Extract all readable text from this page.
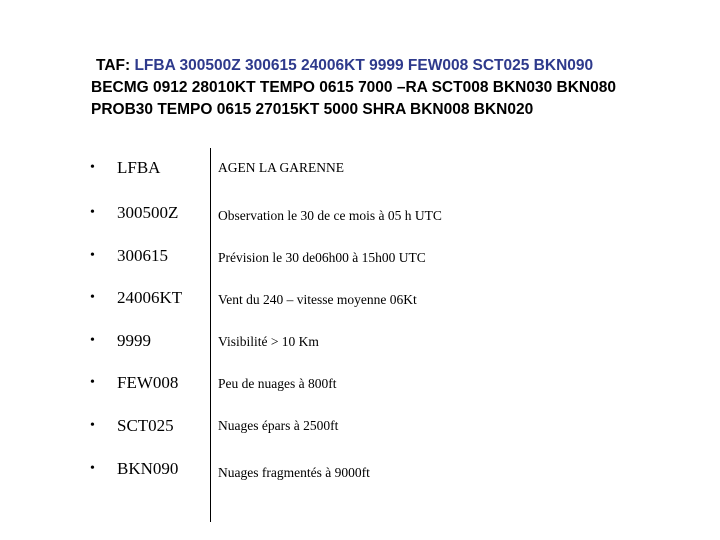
TAF: LFBA 300500Z 300615 24006KT 9999 FEW008 SCT025 BKN090
BECMG 0912 28010KT TEMPO 0615 7000 –RA SCT008 BKN030 BKN080
PROB30 TEMPO 0615 27015KT 5000 SHRA BKN008 BKN020
• LFBA	AGEN LA GARENNE
• 300500Z	Observation le 30 de ce mois à 05 h UTC
• 300615	Prévision le 30 de06h00 à 15h00 UTC
• 24006KT	Vent du 240 – vitesse moyenne 06Kt
• 9999	Visibilité > 10 Km
• FEW008	Peu de nuages à 800ft
• SCT025	Nuages épars à 2500ft
• BKN090	Nuages fragmentés à 9000ft
